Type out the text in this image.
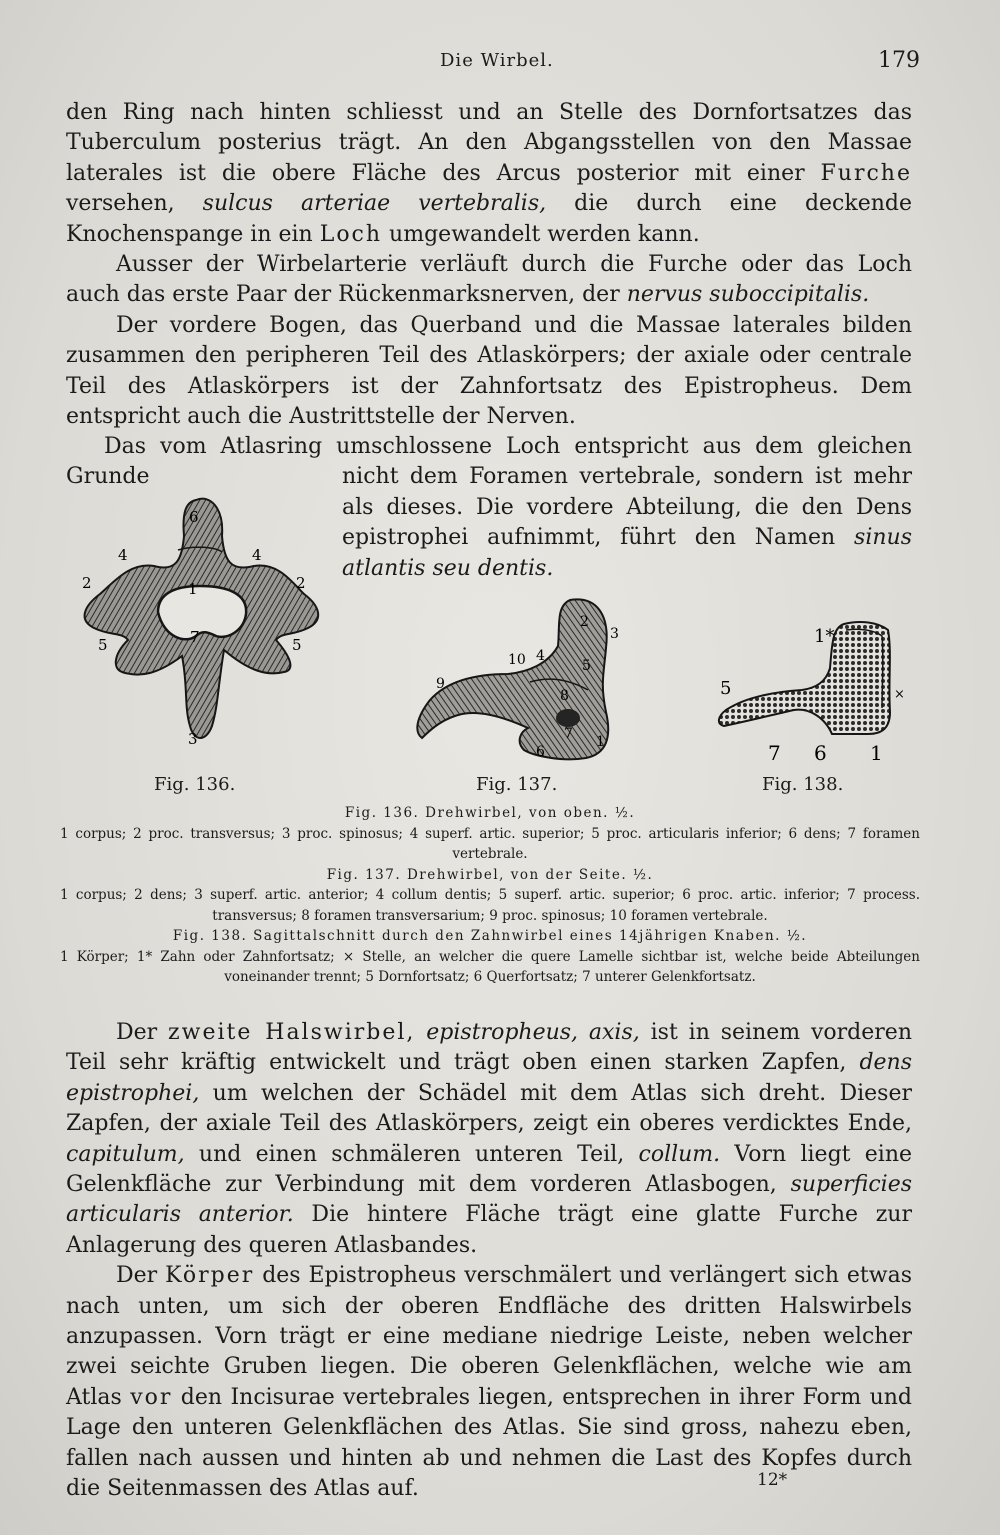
Die Wirbel.	179

den Ring nach hinten schliesst und an Stelle des Dornfortsatzes das Tuberculum posterius trägt. An den Abgangsstellen von den Massae laterales ist die obere Fläche des Arcus posterior mit einer Furche versehen, sulcus arteriae vertebralis, die durch eine deckende Knochenspange in ein Loch umgewandelt werden kann.

Ausser der Wirbelarterie verläuft durch die Furche oder das Loch auch das erste Paar der Rückenmarksnerven, der nervus suboccipitalis.

Der vordere Bogen, das Querband und die Massae laterales bilden zusammen den peripheren Teil des Atlaskörpers; der axiale oder centrale Teil des Atlaskörpers ist der Zahnfortsatz des Epistropheus. Dem entspricht auch die Austrittstelle der Nerven.

Das vom Atlasring umschlossene Loch entspricht aus dem gleichen Grunde	nicht dem Foramen vertebrale, sondern ist mehr als dieses. Die vordere Abteilung, die den Dens epistrophei aufnimmt, führt den Namen sinus atlantis seu dentis.
6
4	4
2	2
1
7
5	5
3
Fig. 136.
2
3
10 4
5
9
8
7
6
1
Fig. 137.
1*
5	×
7 6 1
Fig. 138.

Fig. 136. Drehwirbel, von oben. ½.

1 corpus; 2 proc. transversus; 3 proc. spinosus; 4 superf. artic. superior; 5 proc. articularis inferior; 6 dens; 7 foramen vertebrale.

Fig. 137. Drehwirbel, von der Seite. ½.

1 corpus; 2 dens; 3 superf. artic. anterior; 4 collum dentis; 5 superf. artic. superior; 6 proc. artic. inferior; 7 process. transversus; 8 foramen transversarium; 9 proc. spinosus; 10 foramen vertebrale.

Fig. 138. Sagittalschnitt durch den Zahnwirbel eines 14jährigen Knaben. ½.

1 Körper; 1* Zahn oder Zahnfortsatz; × Stelle, an welcher die quere Lamelle sichtbar ist, welche beide Abteilungen voneinander trennt; 5 Dornfortsatz; 6 Querfortsatz; 7 unterer Gelenkfortsatz.

Der zweite Halswirbel, epistropheus, axis, ist in seinem vorderen Teil sehr kräftig entwickelt und trägt oben einen starken Zapfen, dens epistrophei, um welchen der Schädel mit dem Atlas sich dreht. Dieser Zapfen, der axiale Teil des Atlaskörpers, zeigt ein oberes verdicktes Ende, capitulum, und einen schmäleren unteren Teil, collum. Vorn liegt eine Gelenkfläche zur Verbindung mit dem vorderen Atlasbogen, superficies articularis anterior. Die hintere Fläche trägt eine glatte Furche zur Anlagerung des queren Atlasbandes.

Der Körper des Epistropheus verschmälert und verlängert sich etwas nach unten, um sich der oberen Endfläche des dritten Halswirbels anzupassen. Vorn trägt er eine mediane niedrige Leiste, neben welcher zwei seichte Gruben liegen. Die oberen Gelenkflächen, welche wie am Atlas vor den Incisurae vertebrales liegen, entsprechen in ihrer Form und Lage den unteren Gelenkflächen des Atlas. Sie sind gross, nahezu eben, fallen nach aussen und hinten ab und nehmen die Last des Kopfes durch die Seitenmassen des Atlas auf.	12*
